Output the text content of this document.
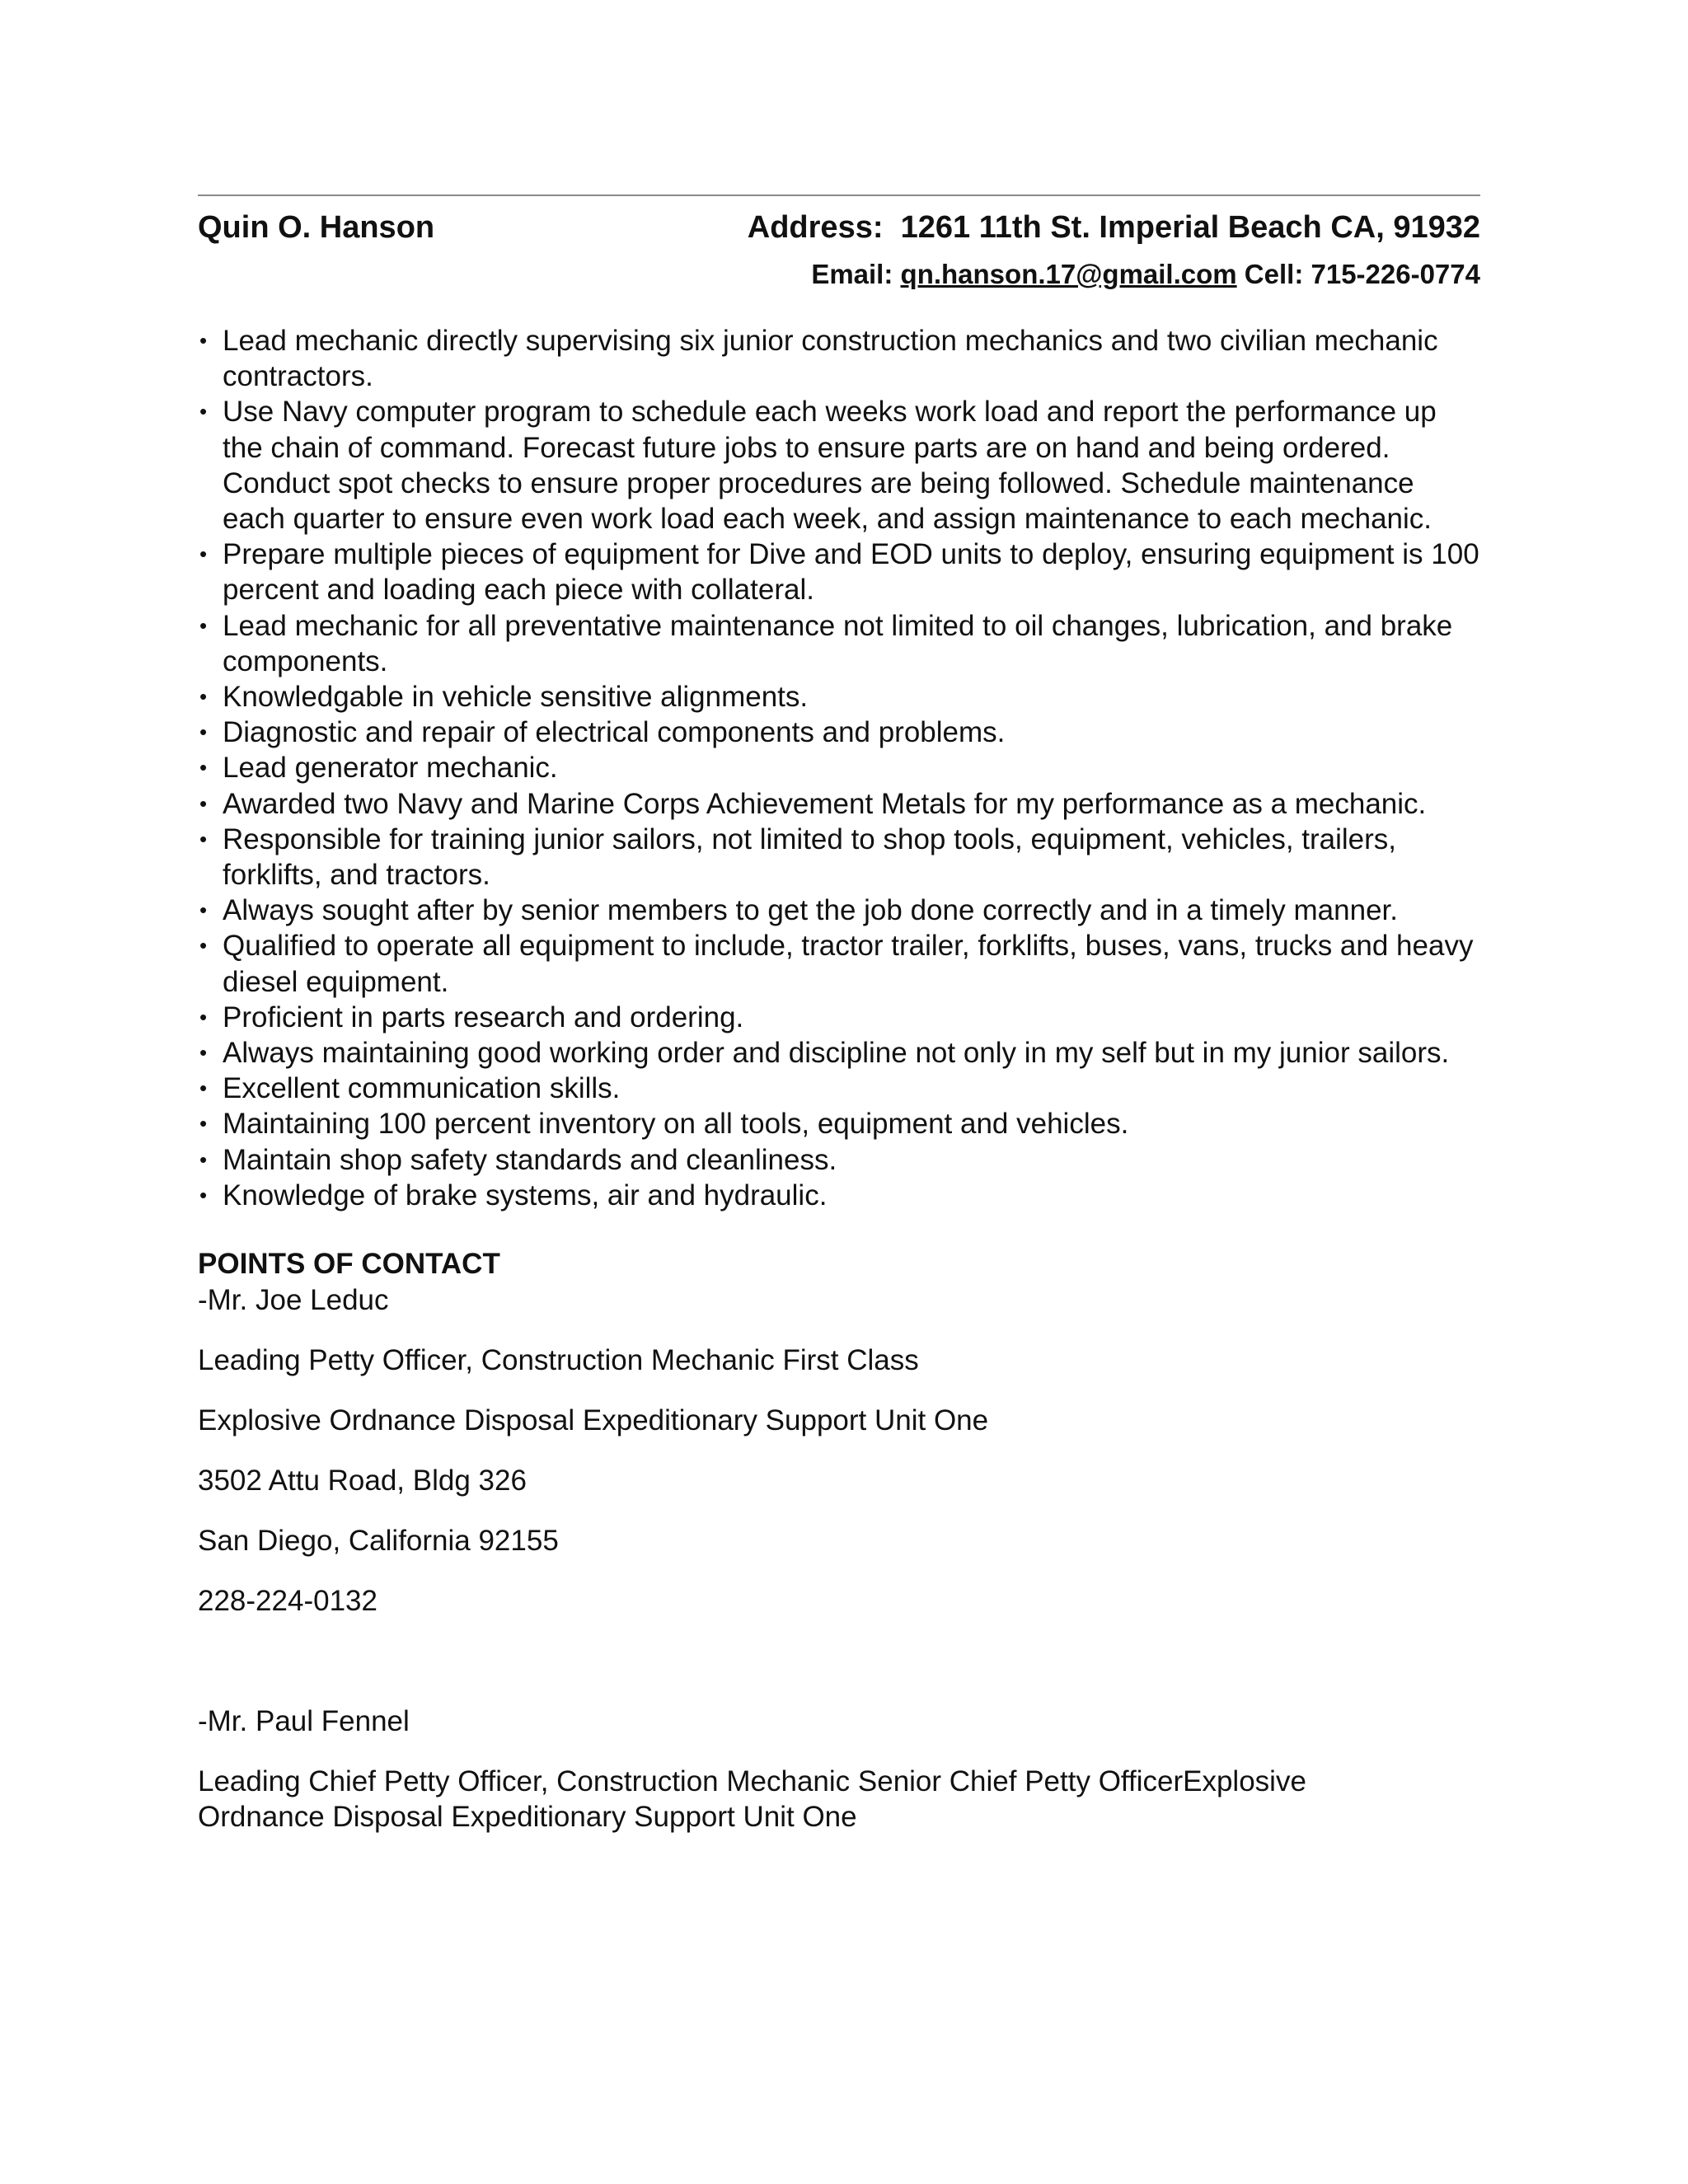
Quin O. Hanson	Address: 1261 11th St. Imperial Beach CA, 91932
Email: qn.hanson.17@gmail.com Cell: 715-226-0774
• Lead mechanic directly supervising six junior construction mechanics and two civilian mechanic contractors.
• Use Navy computer program to schedule each weeks work load and report the performance up the chain of command. Forecast future jobs to ensure parts are on hand and being ordered. Conduct spot checks to ensure proper procedures are being followed. Schedule maintenance each quarter to ensure even work load each week, and assign maintenance to each mechanic.
• Prepare multiple pieces of equipment for Dive and EOD units to deploy, ensuring equipment is 100 percent and loading each piece with collateral.
• Lead mechanic for all preventative maintenance not limited to oil changes, lubrication, and brake components.
• Knowledgable in vehicle sensitive alignments.
• Diagnostic and repair of electrical components and problems.
• Lead generator mechanic.
• Awarded two Navy and Marine Corps Achievement Metals for my performance as a mechanic.
• Responsible for training junior sailors, not limited to shop tools, equipment, vehicles, trailers, forklifts, and tractors.
• Always sought after by senior members to get the job done correctly and in a timely manner.
• Qualified to operate all equipment to include, tractor trailer, forklifts, buses, vans, trucks and heavy diesel equipment.
• Proficient in parts research and ordering.
• Always maintaining good working order and discipline not only in my self but in my junior sailors.
• Excellent communication skills.
• Maintaining 100 percent inventory on all tools, equipment and vehicles.
• Maintain shop safety standards and cleanliness.
• Knowledge of brake systems, air and hydraulic.
POINTS OF CONTACT
-Mr. Joe Leduc
Leading Petty Officer, Construction Mechanic First Class
Explosive Ordnance Disposal Expeditionary Support Unit One
3502 Attu Road, Bldg 326
San Diego, California 92155
228-224-0132
-Mr. Paul Fennel
Leading Chief Petty Officer, Construction Mechanic Senior Chief Petty OfficerExplosive
Ordnance Disposal Expeditionary Support Unit One
